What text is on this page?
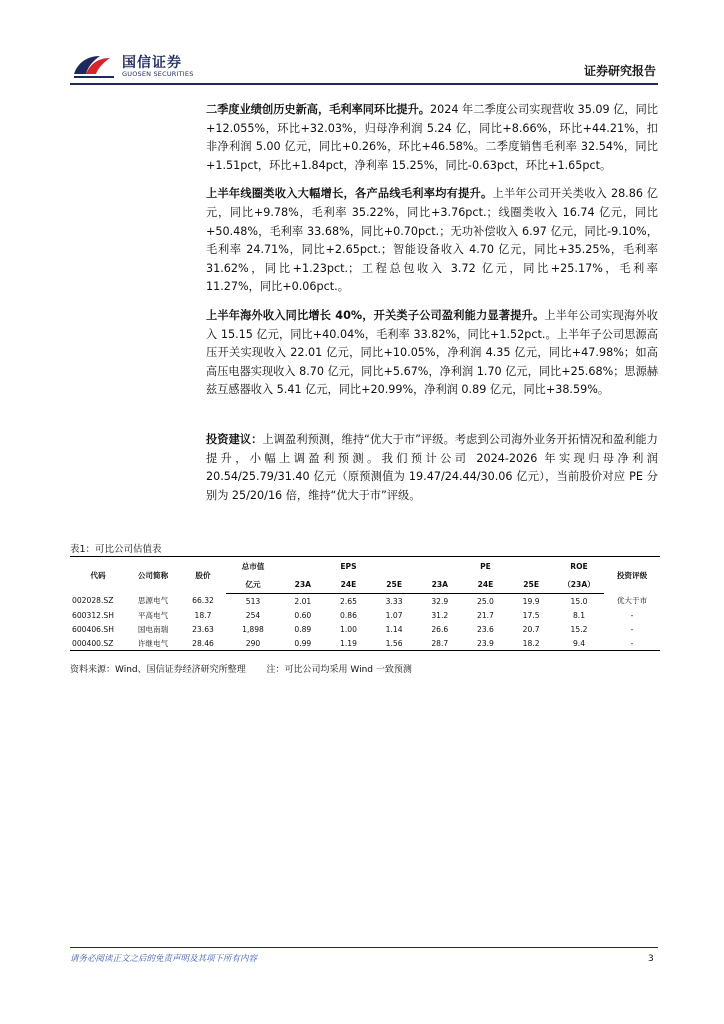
国信证券
GUOSEN SECURITIES	证券研究报告

二季度业绩创历史新高，毛利率同环比提升。2024 年二季度公司实现营收 35.09 亿，同比+12.055%，环比+32.03%，归母净利润 5.24 亿，同比+8.66%，环比+44.21%，扣非净利润 5.00 亿元，同比+0.26%，环比+46.58%。二季度销售毛利率 32.54%，同比+1.51pct，环比+1.84pct，净利率 15.25%，同比-0.63pct，环比+1.65pct。

上半年线圈类收入大幅增长，各产品线毛利率均有提升。上半年公司开关类收入 28.86 亿元，同比+9.78%，毛利率 35.22%，同比+3.76pct.；线圈类收入 16.74 亿元，同比+50.48%，毛利率 33.68%，同比+0.70pct.；无功补偿收入 6.97 亿元，同比-9.10%，毛利率 24.71%，同比+2.65pct.；智能设备收入 4.70 亿元，同比+35.25%，毛利率 31.62%，同比+1.23pct.；工程总包收入 3.72 亿元，同比+25.17%，毛利率 11.27%，同比+0.06pct.。

上半年海外收入同比增长 40%，开关类子公司盈利能力显著提升。上半年公司实现海外收入 15.15 亿元，同比+40.04%，毛利率 33.82%，同比+1.52pct.。上半年子公司思源高压开关实现收入 22.01 亿元，同比+10.05%，净利润 4.35 亿元，同比+47.98%；如高高压电器实现收入 8.70 亿元，同比+5.67%，净利润 1.70 亿元，同比+25.68%；思源赫兹互感器收入 5.41 亿元，同比+20.99%，净利润 0.89 亿元，同比+38.59%。

投资建议：上调盈利预测，维持“优大于市”评级。考虑到公司海外业务开拓情况和盈利能力提升，小幅上调盈利预测。我们预计公司 2024-2026 年实现归母净利润 20.54/25.79/31.40 亿元（原预测值为 19.47/24.44/30.06 亿元），当前股价对应 PE 分别为 25/20/16 倍，维持“优大于市”评级。

表1：可比公司估值表
代码	公司简称	股价	总市值	EPS			PE			ROE	投资评级
			亿元	23A	24E	25E	23A	24E	25E	（23A）	
002028.SZ	思源电气	66.32	513	2.01	2.65	3.33	32.9	25.0	19.9	15.0	优大于市
600312.SH	平高电气	18.7	254	0.60	0.86	1.07	31.2	21.7	17.5	8.1	-
600406.SH	国电南瑞	23.63	1,898	0.89	1.00	1.14	26.6	23.6	20.7	15.2	-
000400.SZ	许继电气	28.46	290	0.99	1.19	1.56	28.7	23.9	18.2	9.4	-
资料来源：Wind、国信证券经济研究所整理 注：可比公司均采用 Wind 一致预测
请务必阅读正文之后的免责声明及其项下所有内容	3
